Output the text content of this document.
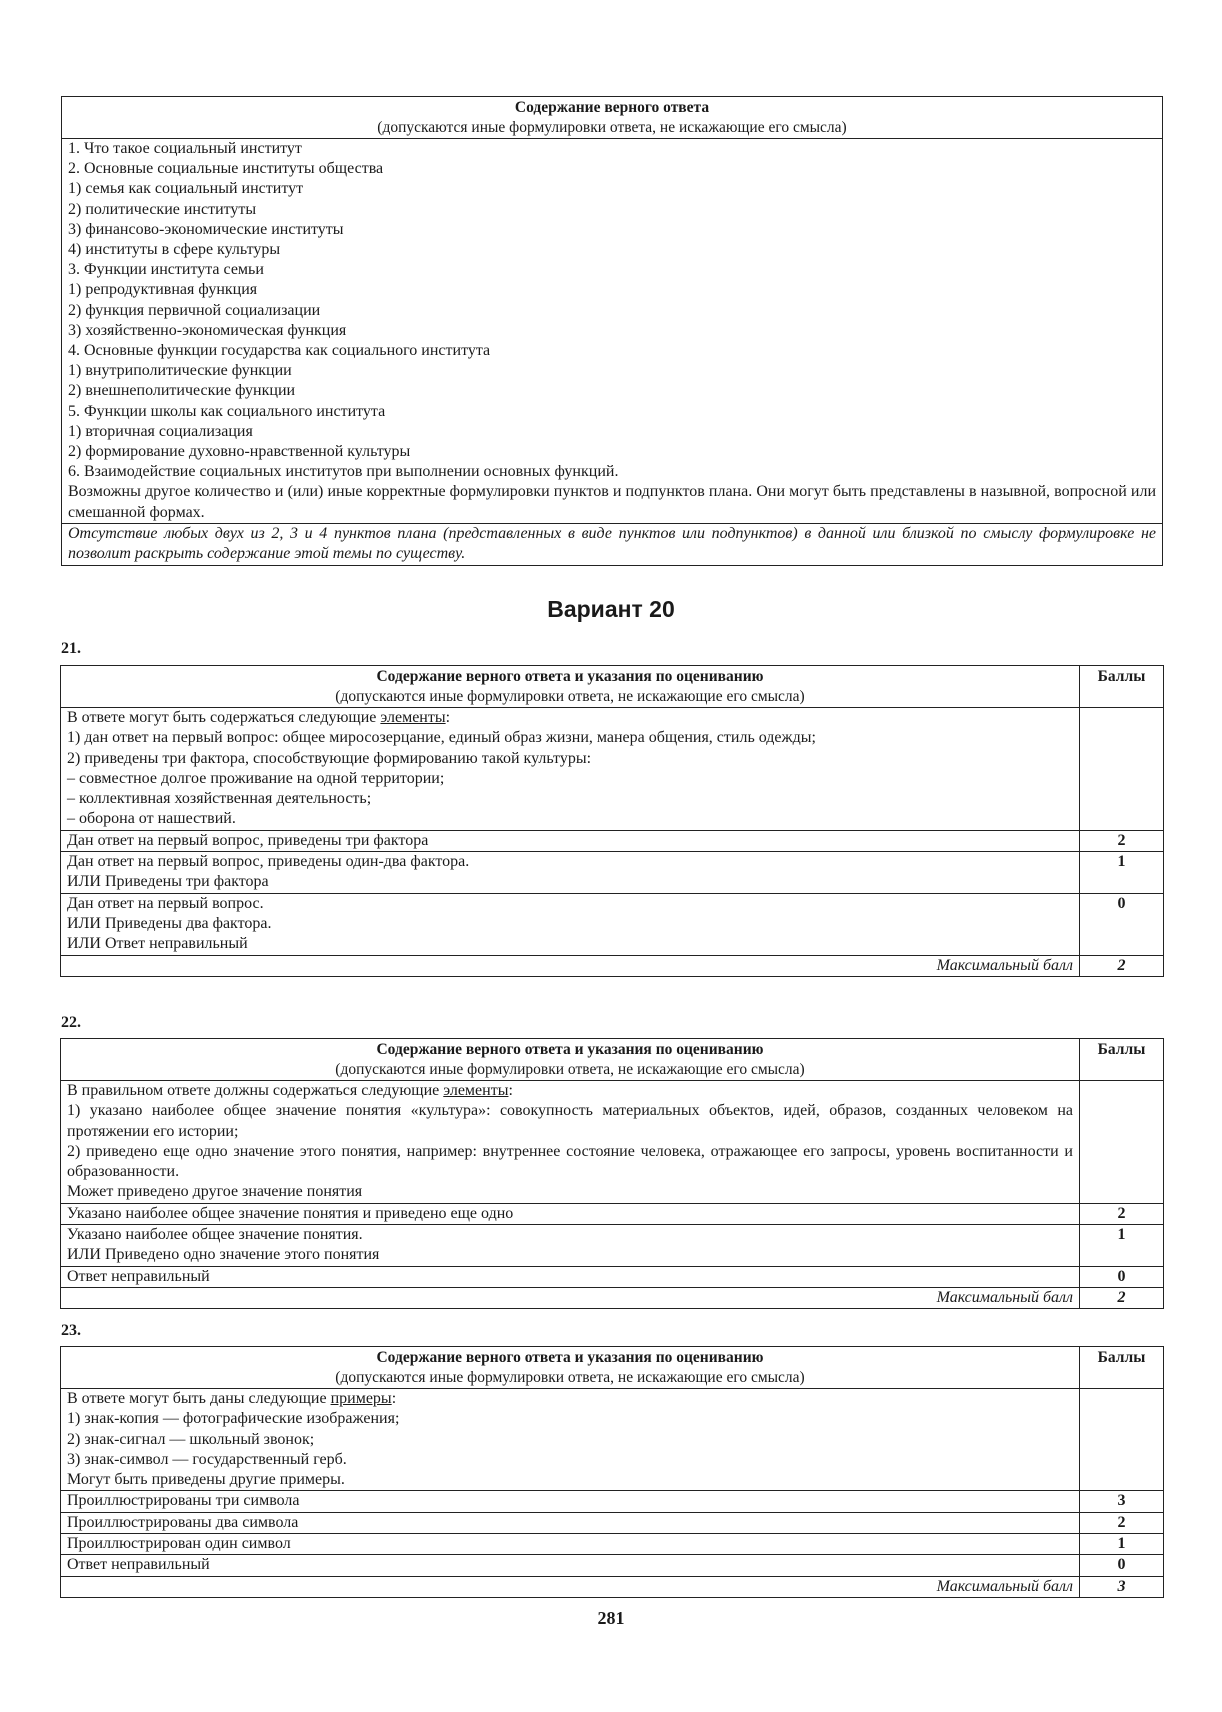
Содержание верного ответа
(допускаются иные формулировки ответа, не искажающие его смысла)

1. Что такое социальный институт
2. Основные социальные институты общества
1) семья как социальный институт
2) политические институты
3) финансово-экономические институты
4) институты в сфере культуры
3. Функции института семьи
1) репродуктивная функция
2) функция первичной социализации
3) хозяйственно-экономическая функция
4. Основные функции государства как социального института
1) внутриполитические функции
2) внешнеполитические функции
5. Функции школы как социального института
1) вторичная социализация
2) формирование духовно-нравственной культуры
6. Взаимодействие социальных институтов при выполнении основных функций.
Возможны другое количество и (или) иные корректные формулировки пунктов и подпунктов плана. Они могут быть представлены в назывной, вопросной или смешанной формах.

Отсутствие любых двух из 2, 3 и 4 пунктов плана (представленных в виде пунктов или подпунктов) в данной или близкой по смыслу формулировке не позволит раскрыть содержание этой темы по существу.
Вариант 20
21.
Содержание верного ответа и указания по оцениванию
(допускаются иные формулировки ответа, не искажающие его смысла)	Баллы

В ответе могут быть содержаться следующие элементы:
1) дан ответ на первый вопрос: общее миросозерцание, единый образ жизни, манера общения, стиль одежды;
2) приведены три фактора, способствующие формированию такой культуры:
– совместное долгое проживание на одной территории;
– коллективная хозяйственная деятельность;
– оборона от нашествий.

Дан ответ на первый вопрос, приведены три фактора	2

Дан ответ на первый вопрос, приведены один-два фактора.
ИЛИ Приведены три фактора	1

Дан ответ на первый вопрос.
ИЛИ Приведены два фактора.
ИЛИ Ответ неправильный	0
Максимальный балл	2
22.
Содержание верного ответа и указания по оцениванию
(допускаются иные формулировки ответа, не искажающие его смысла)	Баллы

В правильном ответе должны содержаться следующие элементы:
1) указано наиболее общее значение понятия «культура»: совокупность материальных объектов, идей, образов, созданных человеком на протяжении его истории;
2) приведено еще одно значение этого понятия, например: внутреннее состояние человека, отражающее его запросы, уровень воспитанности и образованности.
Может приведено другое значение понятия	

Указано наиболее общее значение понятия и приведено еще одно	2

Указано наиболее общее значение понятия.
ИЛИ Приведено одно значение этого понятия	1

Ответ неправильный	0
Максимальный балл	2
23.
Содержание верного ответа и указания по оцениванию
(допускаются иные формулировки ответа, не искажающие его смысла)	Баллы

В ответе могут быть даны следующие примеры:
1) знак-копия — фотографические изображения;
2) знак-сигнал — школьный звонок;
3) знак-символ — государственный герб.
Могут быть приведены другие примеры.	

Проиллюстрированы три символа	3

Проиллюстрированы два символа	2

Проиллюстрирован один символ	1

Ответ неправильный	0
Максимальный балл	3
281
